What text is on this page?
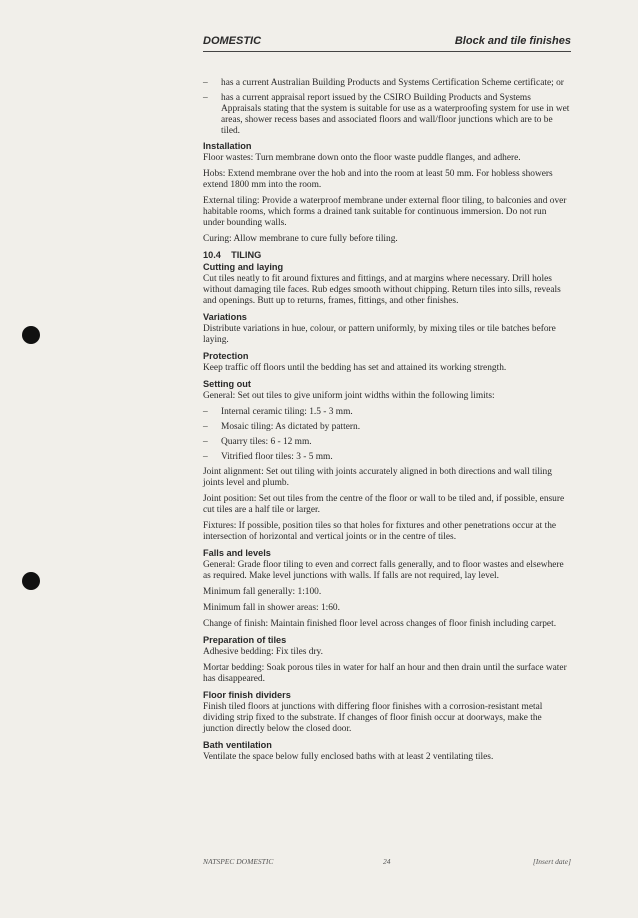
DOMESTIC	Block and tile finishes
– has a current Australian Building Products and Systems Certification Scheme certificate; or
– has a current appraisal report issued by the CSIRO Building Products and Systems Appraisals stating that the system is suitable for use as a waterproofing system for use in wet areas, shower recess bases and associated floors and wall/floor junctions which are to be tiled.
Installation

Floor wastes: Turn membrane down onto the floor waste puddle flanges, and adhere.

Hobs: Extend membrane over the hob and into the room at least 50 mm. For hobless showers extend 1800 mm into the room.

External tiling: Provide a waterproof membrane under external floor tiling, to balconies and over habitable rooms, which forms a drained tank suitable for continuous immersion. Do not run under bounding walls.

Curing: Allow membrane to cure fully before tiling.

10.4 TILING
Cutting and laying

Cut tiles neatly to fit around fixtures and fittings, and at margins where necessary. Drill holes without damaging tile faces. Rub edges smooth without chipping. Return tiles into sills, reveals and openings. Butt up to returns, frames, fittings, and other finishes.

Variations

Distribute variations in hue, colour, or pattern uniformly, by mixing tiles or tile batches before laying.

Protection

Keep traffic off floors until the bedding has set and attained its working strength.

Setting out

General: Set out tiles to give uniform joint widths within the following limits:

– Internal ceramic tiling: 1.5 - 3 mm.
– Mosaic tiling: As dictated by pattern.
– Quarry tiles: 6 - 12 mm.
– Vitrified floor tiles: 3 - 5 mm.

Joint alignment: Set out tiling with joints accurately aligned in both directions and wall tiling joints level and plumb.

Joint position: Set out tiles from the centre of the floor or wall to be tiled and, if possible, ensure cut tiles are a half tile or larger.

Fixtures: If possible, position tiles so that holes for fixtures and other penetrations occur at the intersection of horizontal and vertical joints or in the centre of tiles.

Falls and levels

General: Grade floor tiling to even and correct falls generally, and to floor wastes and elsewhere as required. Make level junctions with walls. If falls are not required, lay level.

Minimum fall generally: 1:100.

Minimum fall in shower areas: 1:60.

Change of finish: Maintain finished floor level across changes of floor finish including carpet.

Preparation of tiles

Adhesive bedding: Fix tiles dry.

Mortar bedding: Soak porous tiles in water for half an hour and then drain until the surface water has disappeared.

Floor finish dividers

Finish tiled floors at junctions with differing floor finishes with a corrosion-resistant metal dividing strip fixed to the substrate. If changes of floor finish occur at doorways, make the junction directly below the closed door.

Bath ventilation

Ventilate the space below fully enclosed baths with at least 2 ventilating tiles.

NATSPEC DOMESTIC	24	[Insert date]
